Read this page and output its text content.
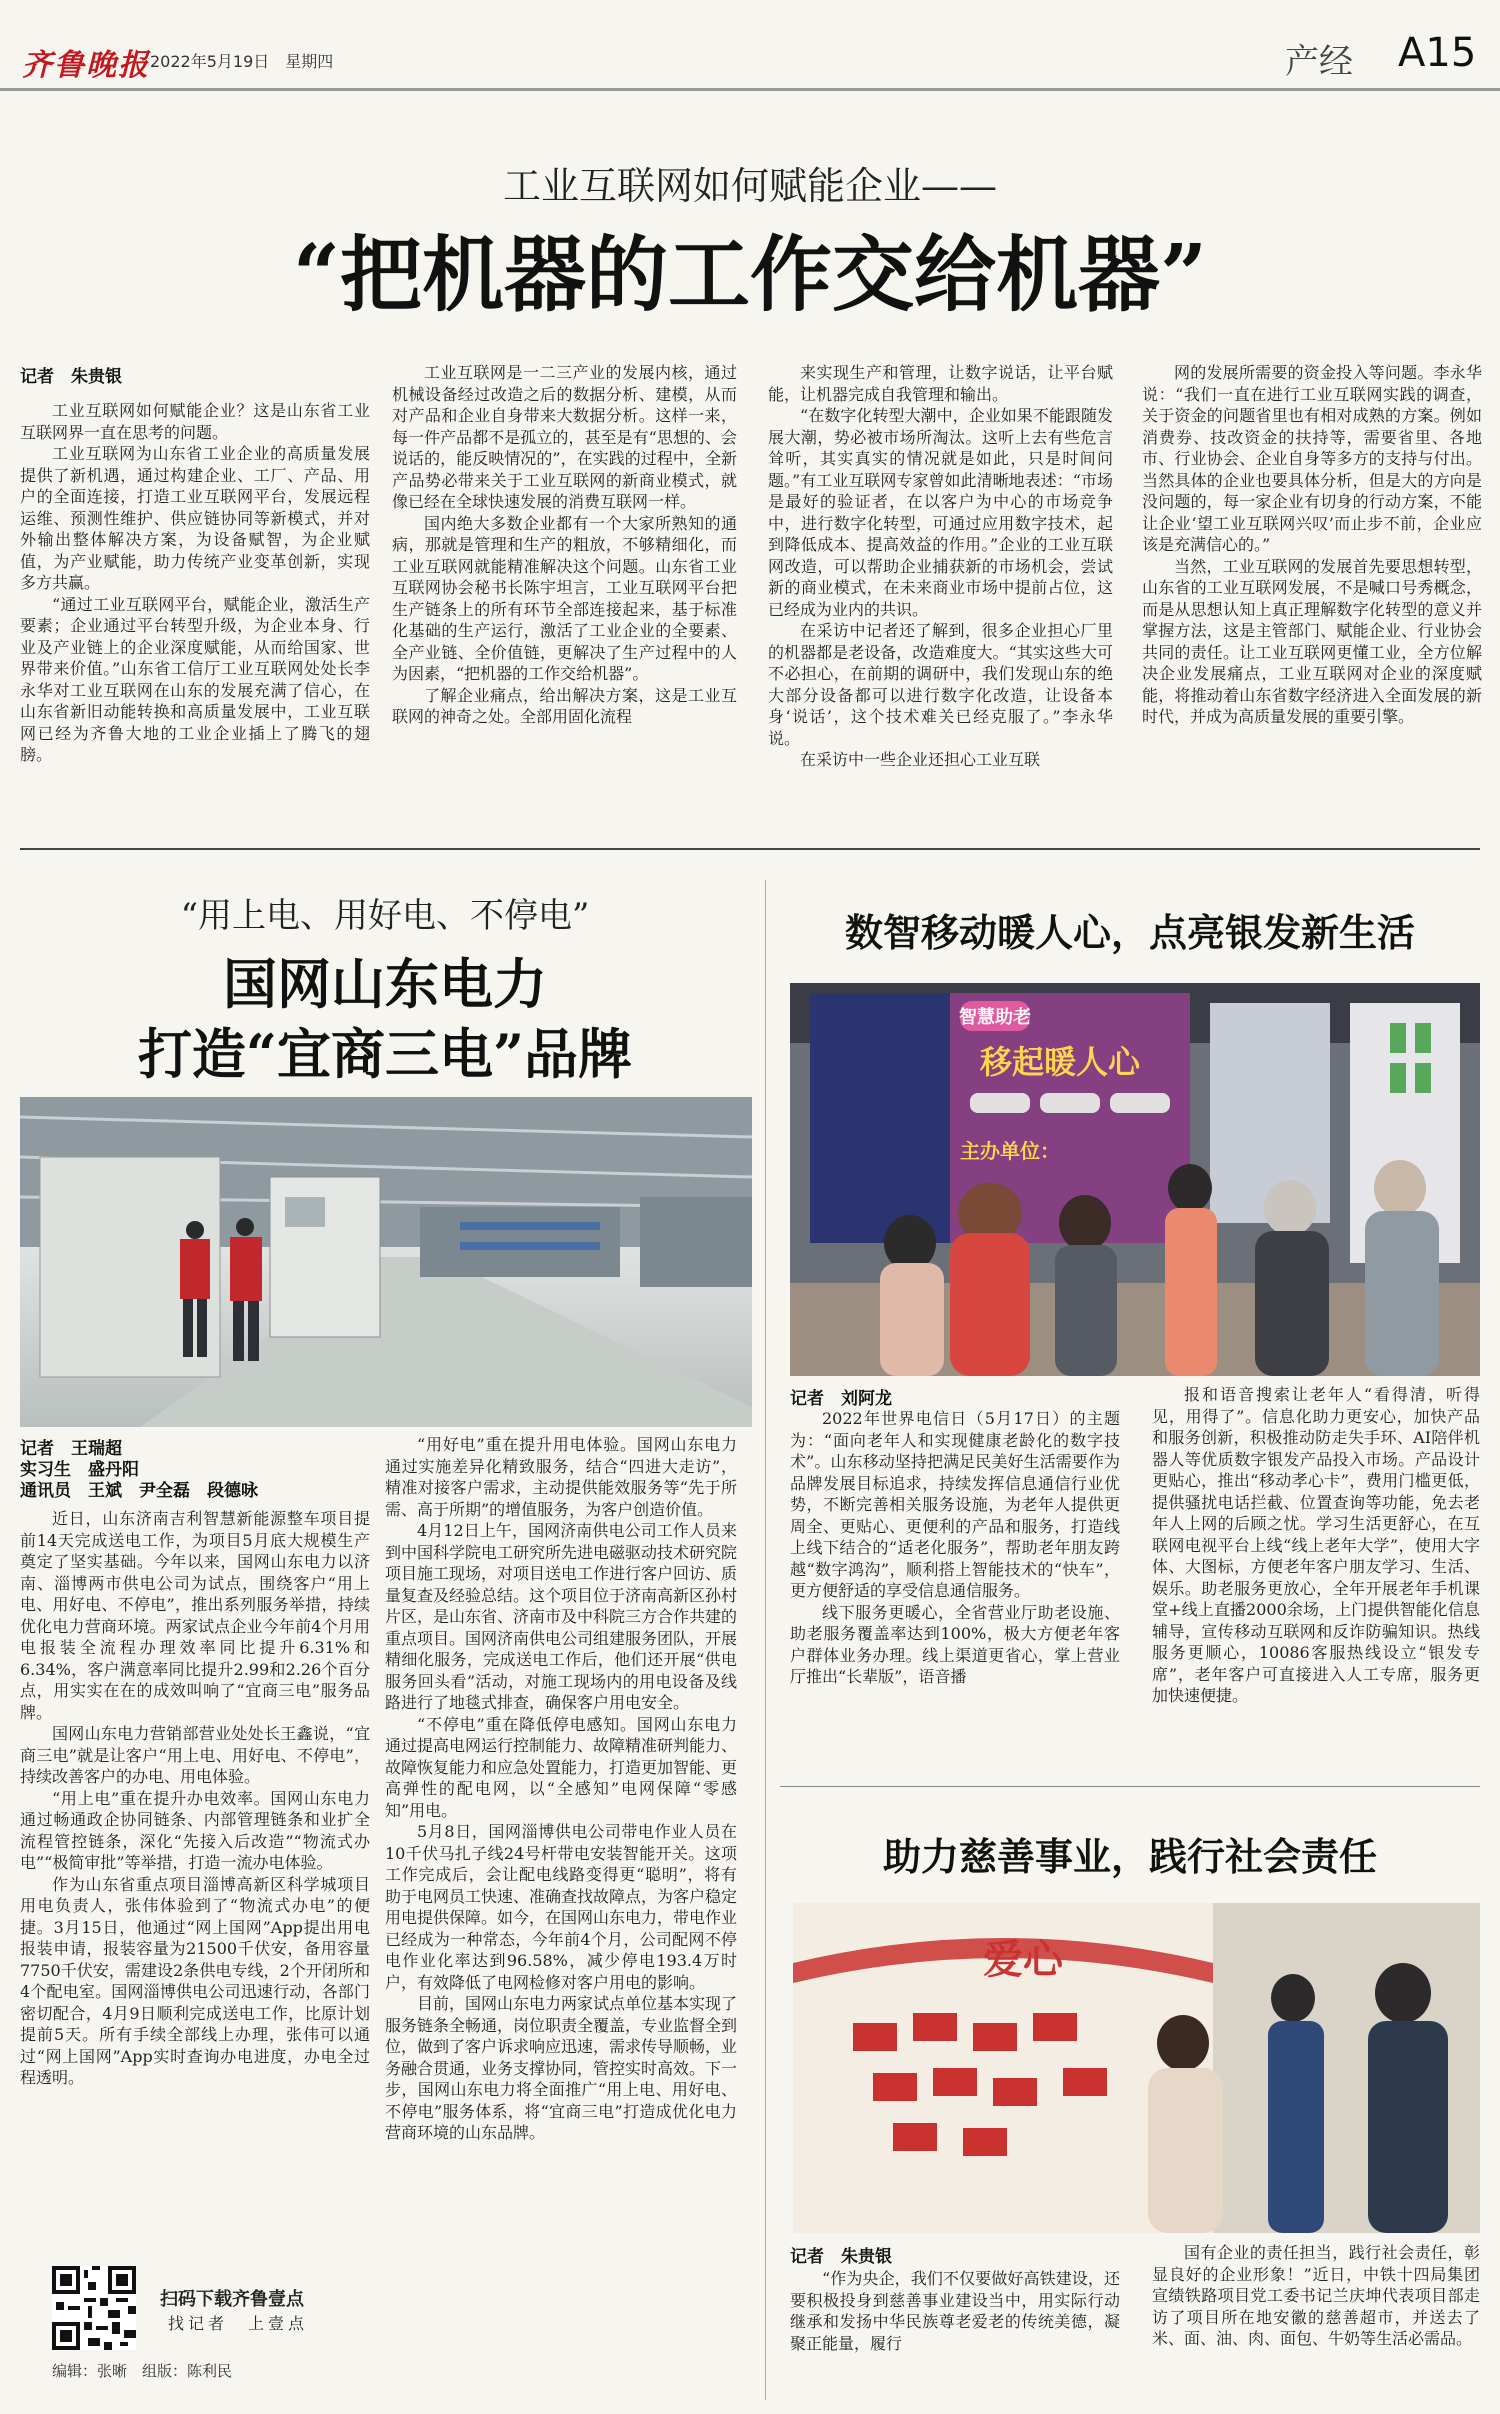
齐鲁晚报 2022年5月19日　星期四	产经 A15
工业互联网如何赋能企业——
“把机器的工作交给机器”
记者　朱贵银

工业互联网如何赋能企业？这是山东省工业互联网界一直在思考的问题。

工业互联网为山东省工业企业的高质量发展提供了新机遇，通过构建企业、工厂、产品、用户的全面连接，打造工业互联网平台，发展远程运维、预测性维护、供应链协同等新模式，并对外输出整体解决方案，为设备赋智，为企业赋值，为产业赋能，助力传统产业变革创新，实现多方共赢。

“通过工业互联网平台，赋能企业，激活生产要素；企业通过平台转型升级，为企业本身、行业及产业链上的企业深度赋能，从而给国家、世界带来价值。”山东省工信厅工业互联网处处长李永华对工业互联网在山东的发展充满了信心，在山东省新旧动能转换和高质量发展中，工业互联网已经为齐鲁大地的工业企业插上了腾飞的翅膀。

工业互联网是一二三产业的发展内核，通过机械设备经过改造之后的数据分析、建模，从而对产品和企业自身带来大数据分析。这样一来，每一件产品都不是孤立的，甚至是有“思想的、会说话的，能反映情况的”，在实践的过程中，全新产品势必带来关于工业互联网的新商业模式，就像已经在全球快速发展的消费互联网一样。

国内绝大多数企业都有一个大家所熟知的通病，那就是管理和生产的粗放，不够精细化，而工业互联网就能精准解决这个问题。山东省工业互联网协会秘书长陈宇坦言，工业互联网平台把生产链条上的所有环节全部连接起来，基于标准化基础的生产运行，激活了工业企业的全要素、全产业链、全价值链，更解决了生产过程中的人为因素，“把机器的工作交给机器”。

了解企业痛点，给出解决方案，这是工业互联网的神奇之处。全部用固化流程

来实现生产和管理，让数字说话，让平台赋能，让机器完成自我管理和输出。

“在数字化转型大潮中，企业如果不能跟随发展大潮，势必被市场所淘汰。这听上去有些危言耸听，其实真实的情况就是如此，只是时间问题。”有工业互联网专家曾如此清晰地表述：“市场是最好的验证者，在以客户为中心的市场竞争中，进行数字化转型，可通过应用数字技术，起到降低成本、提高效益的作用。”企业的工业互联网改造，可以帮助企业捕获新的市场机会，尝试新的商业模式，在未来商业市场中提前占位，这已经成为业内的共识。

在采访中记者还了解到，很多企业担心厂里的机器都是老设备，改造难度大。“其实这些大可不必担心，在前期的调研中，我们发现山东的绝大部分设备都可以进行数字化改造，让设备本身‘说话’，这个技术难关已经克服了。”李永华说。

在采访中一些企业还担心工业互联

网的发展所需要的资金投入等问题。李永华说：“我们一直在进行工业互联网实践的调查，关于资金的问题省里也有相对成熟的方案。例如消费券、技改资金的扶持等，需要省里、各地市、行业协会、企业自身等多方的支持与付出。当然具体的企业也要具体分析，但是大的方向是没问题的，每一家企业有切身的行动方案，不能让企业‘望工业互联网兴叹’而止步不前，企业应该是充满信心的。”

当然，工业互联网的发展首先要思想转型，山东省的工业互联网发展，不是喊口号秀概念，而是从思想认知上真正理解数字化转型的意义并掌握方法，这是主管部门、赋能企业、行业协会共同的责任。让工业互联网更懂工业，全方位解决企业发展痛点，工业互联网对企业的深度赋能，将推动着山东省数字经济进入全面发展的新时代，并成为高质量发展的重要引擎。

“用上电、用好电、不停电”
国网山东电力
打造“宜商三电”品牌
记者　王瑞超
实习生　盛丹阳
通讯员　王斌　尹全磊　段德咏

近日，山东济南吉利智慧新能源整车项目提前14天完成送电工作，为项目5月底大规模生产奠定了坚实基础。今年以来，国网山东电力以济南、淄博两市供电公司为试点，围绕客户“用上电、用好电、不停电”，推出系列服务举措，持续优化电力营商环境。两家试点企业今年前4个月用电报装全流程办理效率同比提升6.31%和6.34%，客户满意率同比提升2.99和2.26个百分点，用实实在在的成效叫响了“宜商三电”服务品牌。

国网山东电力营销部营业处处长王鑫说，“宜商三电”就是让客户“用上电、用好电、不停电”，持续改善客户的办电、用电体验。

“用上电”重在提升办电效率。国网山东电力通过畅通政企协同链条、内部管理链条和业扩全流程管控链条，深化“先接入后改造”“物流式办电”“极简审批”等举措，打造一流办电体验。

作为山东省重点项目淄博高新区科学城项目用电负责人，张伟体验到了“物流式办电”的便捷。3月15日，他通过“网上国网”App提出用电报装申请，报装容量为21500千伏安，备用容量7750千伏安，需建设2条供电专线，2个开闭所和4个配电室。国网淄博供电公司迅速行动，各部门密切配合，4月9日顺利完成送电工作，比原计划提前5天。所有手续全部线上办理，张伟可以通过“网上国网”App实时查询办电进度，办电全过程透明。

“用好电”重在提升用电体验。国网山东电力通过实施差异化精致服务，结合“四进大走访”，精准对接客户需求，主动提供能效服务等“先于所需、高于所期”的增值服务，为客户创造价值。

4月12日上午，国网济南供电公司工作人员来到中国科学院电工研究所先进电磁驱动技术研究院项目施工现场，对项目送电工作进行客户回访、质量复查及经验总结。这个项目位于济南高新区孙村片区，是山东省、济南市及中科院三方合作共建的重点项目。国网济南供电公司组建服务团队，开展精细化服务，完成送电工作后，他们还开展“供电服务回头看”活动，对施工现场内的用电设备及线路进行了地毯式排查，确保客户用电安全。

“不停电”重在降低停电感知。国网山东电力通过提高电网运行控制能力、故障精准研判能力、故障恢复能力和应急处置能力，打造更加智能、更高弹性的配电网，以“全感知”电网保障“零感知”用电。

5月8日，国网淄博供电公司带电作业人员在10千伏马扎子线24号杆带电安装智能开关。这项工作完成后，会让配电线路变得更“聪明”，将有助于电网员工快速、准确查找故障点，为客户稳定用电提供保障。如今，在国网山东电力，带电作业已经成为一种常态，今年前4个月，公司配网不停电作业化率达到96.58%，减少停电193.4万时户，有效降低了电网检修对客户用电的影响。

目前，国网山东电力两家试点单位基本实现了服务链条全畅通，岗位职责全覆盖，专业监督全到位，做到了客户诉求响应迅速，需求传导顺畅，业务融合贯通，业务支撑协同，管控实时高效。下一步，国网山东电力将全面推广“用上电、用好电、不停电”服务体系，将“宜商三电”打造成优化电力营商环境的山东品牌。

扫码下载齐鲁壹点
找记者　上壹点
编辑：张晰　组版：陈利民
数智移动暖人心，点亮银发新生活
智慧助老
移起暖人心
主办单位：
记者　刘阿龙

2022年世界电信日（5月17日）的主题为：“面向老年人和实现健康老龄化的数字技术”。山东移动坚持把满足民美好生活需要作为品牌发展目标追求，持续发挥信息通信行业优势，不断完善相关服务设施，为老年人提供更周全、更贴心、更便利的产品和服务，打造线上线下结合的“适老化服务”，帮助老年朋友跨越“数字鸿沟”，顺利搭上智能技术的“快车”，更方便舒适的享受信息通信服务。

线下服务更暖心，全省营业厅助老设施、助老服务覆盖率达到100%，极大方便老年客户群体业务办理。线上渠道更省心，掌上营业厅推出“长辈版”，语音播

报和语音搜索让老年人“看得清，听得见，用得了”。信息化助力更安心，加快产品和服务创新，积极推动防走失手环、AI陪伴机器人等优质数字银发产品投入市场。产品设计更贴心，推出“移动孝心卡”，费用门槛更低，提供骚扰电话拦截、位置查询等功能，免去老年人上网的后顾之忧。学习生活更舒心，在互联网电视平台上线“线上老年大学”，使用大字体、大图标，方便老年客户朋友学习、生活、娱乐。助老服务更放心，全年开展老年手机课堂+线上直播2000余场，上门提供智能化信息辅导，宣传移动互联网和反诈防骗知识。热线服务更顺心，10086客服热线设立“银发专席”，老年客户可直接进入人工专席，服务更加快速便捷。

助力慈善事业，践行社会责任
爱心
记者　朱贵银

“作为央企，我们不仅要做好高铁建设，还要积极投身到慈善事业建设当中，用实际行动继承和发扬中华民族尊老爱老的传统美德，凝聚正能量，履行

国有企业的责任担当，践行社会责任，彰显良好的企业形象！”近日，中铁十四局集团宣绩铁路项目党工委书记兰庆坤代表项目部走访了项目所在地安徽的慈善超市，并送去了米、面、油、肉、面包、牛奶等生活必需品。
